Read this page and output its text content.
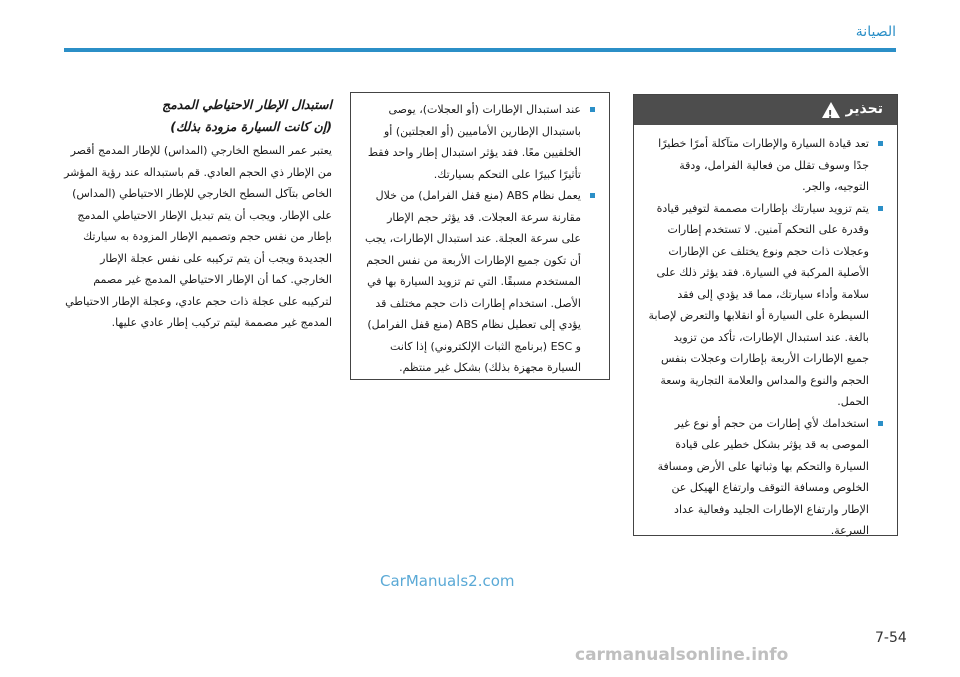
الصيانة
تحذير
!
تعد قيادة السيارة والإطارات متآكلة أمرًا خطيرًا جدًا وسوف تقلل من فعالية الفرامل، ودقة التوجيه، والجر.
يتم تزويد سيارتك بإطارات مصممة لتوفير قيادة وقدرة على التحكم آمنين. لا تستخدم إطارات وعجلات ذات حجم ونوع يختلف عن الإطارات الأصلية المركبة في السيارة. فقد يؤثر ذلك على سلامة وأداء سيارتك، مما قد يؤدي إلى فقد السيطرة على السيارة أو انقلابها والتعرض لإصابة بالغة. عند استبدال الإطارات، تأكد من تزويد جميع الإطارات الأربعة بإطارات وعجلات بنفس الحجم والنوع والمداس والعلامة التجارية وسعة الحمل.
استخدامك لأي إطارات من حجم أو نوع غير الموصى به قد يؤثر بشكل خطير على قيادة السيارة والتحكم بها وثباتها على الأرض ومسافة الخلوص ومسافة التوقف وارتفاع الهيكل عن الإطار وارتفاع الإطارات الجليد وفعالية عداد السرعة.
عند استبدال الإطارات (أو العجلات)، يوصى باستبدال الإطارين الأماميين (أو العجلتين) أو الخلفيين معًا. فقد يؤثر استبدال إطار واحد فقط تأثيرًا كبيرًا على التحكم بسيارتك.
يعمل نظام ABS (منع قفل الفرامل) من خلال مقارنة سرعة العجلات. قد يؤثر حجم الإطار على سرعة العجلة. عند استبدال الإطارات، يجب أن تكون جميع الإطارات الأربعة من نفس الحجم المستخدم مسبقًا. التي تم تزويد السيارة بها في الأصل. استخدام إطارات ذات حجم مختلف قد يؤدي إلى تعطيل نظام ABS (منع قفل الفرامل) و ESC (برنامج الثبات الإلكتروني) إذا كانت السيارة مجهزة بذلك) بشكل غير منتظم.
استبدال الإطار الاحتياطي المدمج
(إن كانت السيارة مزودة بذلك)
يعتبر عمر السطح الخارجي (المداس) للإطار المدمج أقصر من الإطار ذي الحجم العادي. قم باستبداله عند رؤية المؤشر الخاص بتآكل السطح الخارجي للإطار الاحتياطي (المداس) على الإطار. ويجب أن يتم تبديل الإطار الاحتياطي المدمج بإطار من نفس حجم وتصميم الإطار المزودة به سيارتك الجديدة ويجب أن يتم تركيبه على نفس عجلة الإطار الخارجي. كما أن الإطار الاحتياطي المدمج غير مصمم لتركيبه على عجلة ذات حجم عادي، وعجلة الإطار الاحتياطي المدمج غير مصممة ليتم تركيب إطار عادي عليها.
CarManuals2.com
7-54
carmanualsonline.info
